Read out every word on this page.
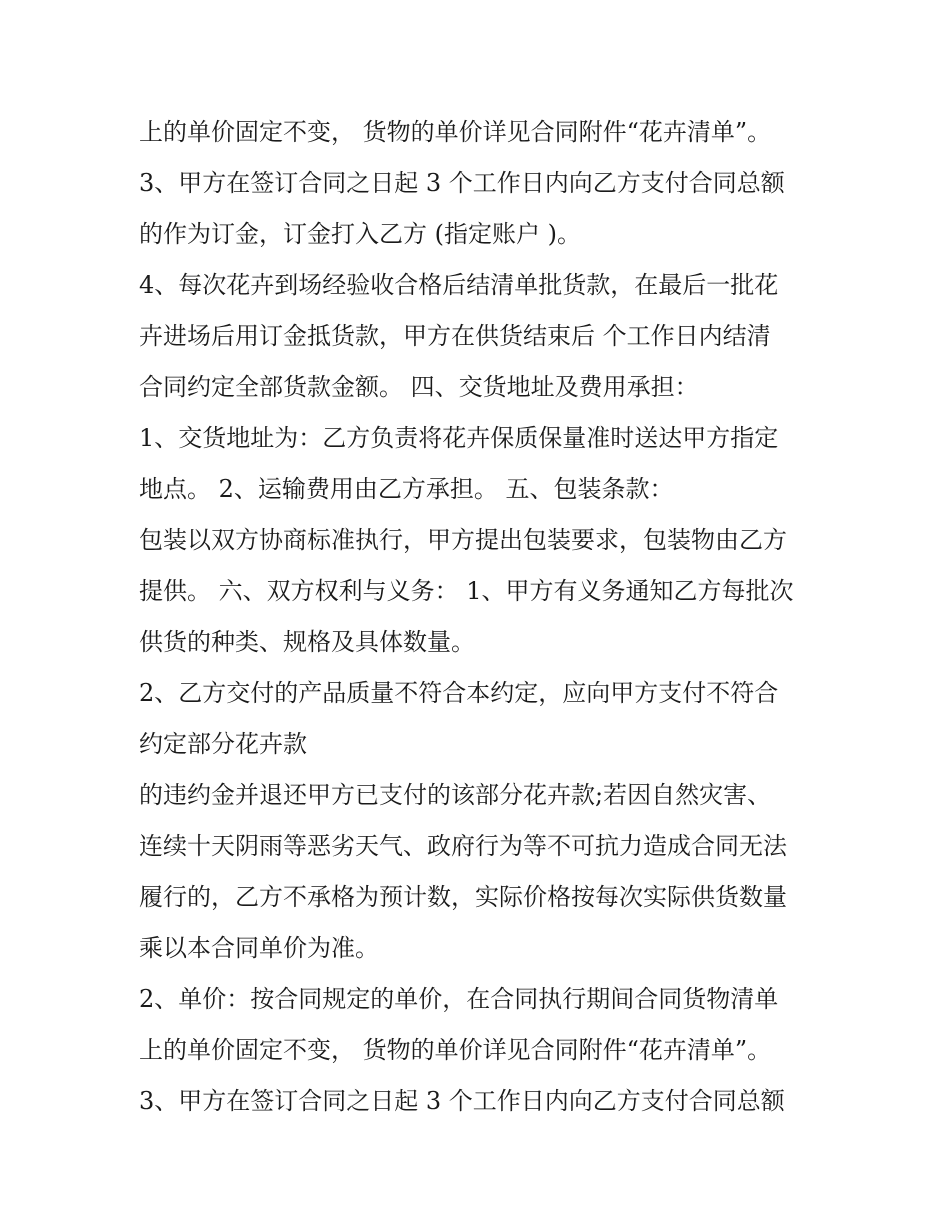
上的单价固定不变， 货物的单价详见合同附件“花卉清单”。
3、甲方在签订合同之日起 3 个工作日内向乙方支付合同总额
的作为订金，订金打入乙方 (指定账户 )。
4、每次花卉到场经验收合格后结清单批货款，在最后一批花
卉进场后用订金抵货款，甲方在供货结束后 个工作日内结清
合同约定全部货款金额。 四、交货地址及费用承担：
1、交货地址为：乙方负责将花卉保质保量准时送达甲方指定
地点。 2、运输费用由乙方承担。 五、包装条款：
包装以双方协商标准执行，甲方提出包装要求，包装物由乙方
提供。 六、双方权利与义务： 1、甲方有义务通知乙方每批次
供货的种类、规格及具体数量。
2、乙方交付的产品质量不符合本约定，应向甲方支付不符合
约定部分花卉款
的违约金并退还甲方已支付的该部分花卉款;若因自然灾害、
连续十天阴雨等恶劣天气、政府行为等不可抗力造成合同无法
履行的，乙方不承格为预计数，实际价格按每次实际供货数量
乘以本合同单价为准。
2、单价：按合同规定的单价，在合同执行期间合同货物清单
上的单价固定不变， 货物的单价详见合同附件“花卉清单”。
3、甲方在签订合同之日起 3 个工作日内向乙方支付合同总额
